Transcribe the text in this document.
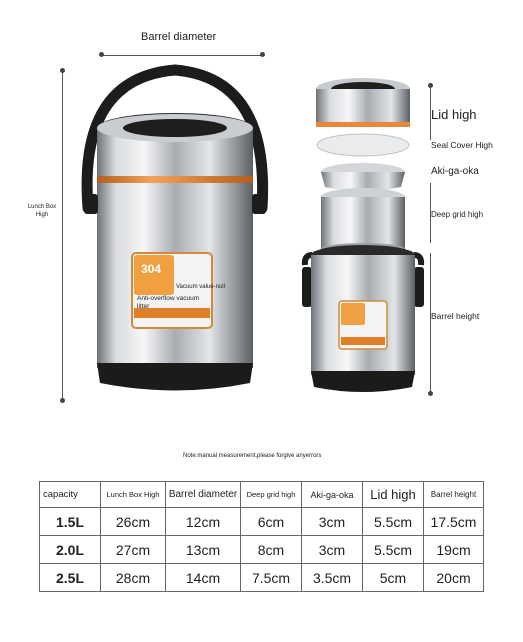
Barrel diameter
Lunch Box High
304
Vacuum value-null
Anti-overflow vacuum litter
Lid high
Seal Cover High
Aki-ga-oka
Deep grid high
Barrel height
Note:manual measurement,please forgive anyerrors
capacity	Lunch Box High	Barrel diameter	Deep grid high	Aki-ga-oka	Lid high	Barrel height
1.5L	26cm	12cm	6cm	3cm	5.5cm	17.5cm
2.0L	27cm	13cm	8cm	3cm	5.5cm	19cm
2.5L	28cm	14cm	7.5cm	3.5cm	5cm	20cm
